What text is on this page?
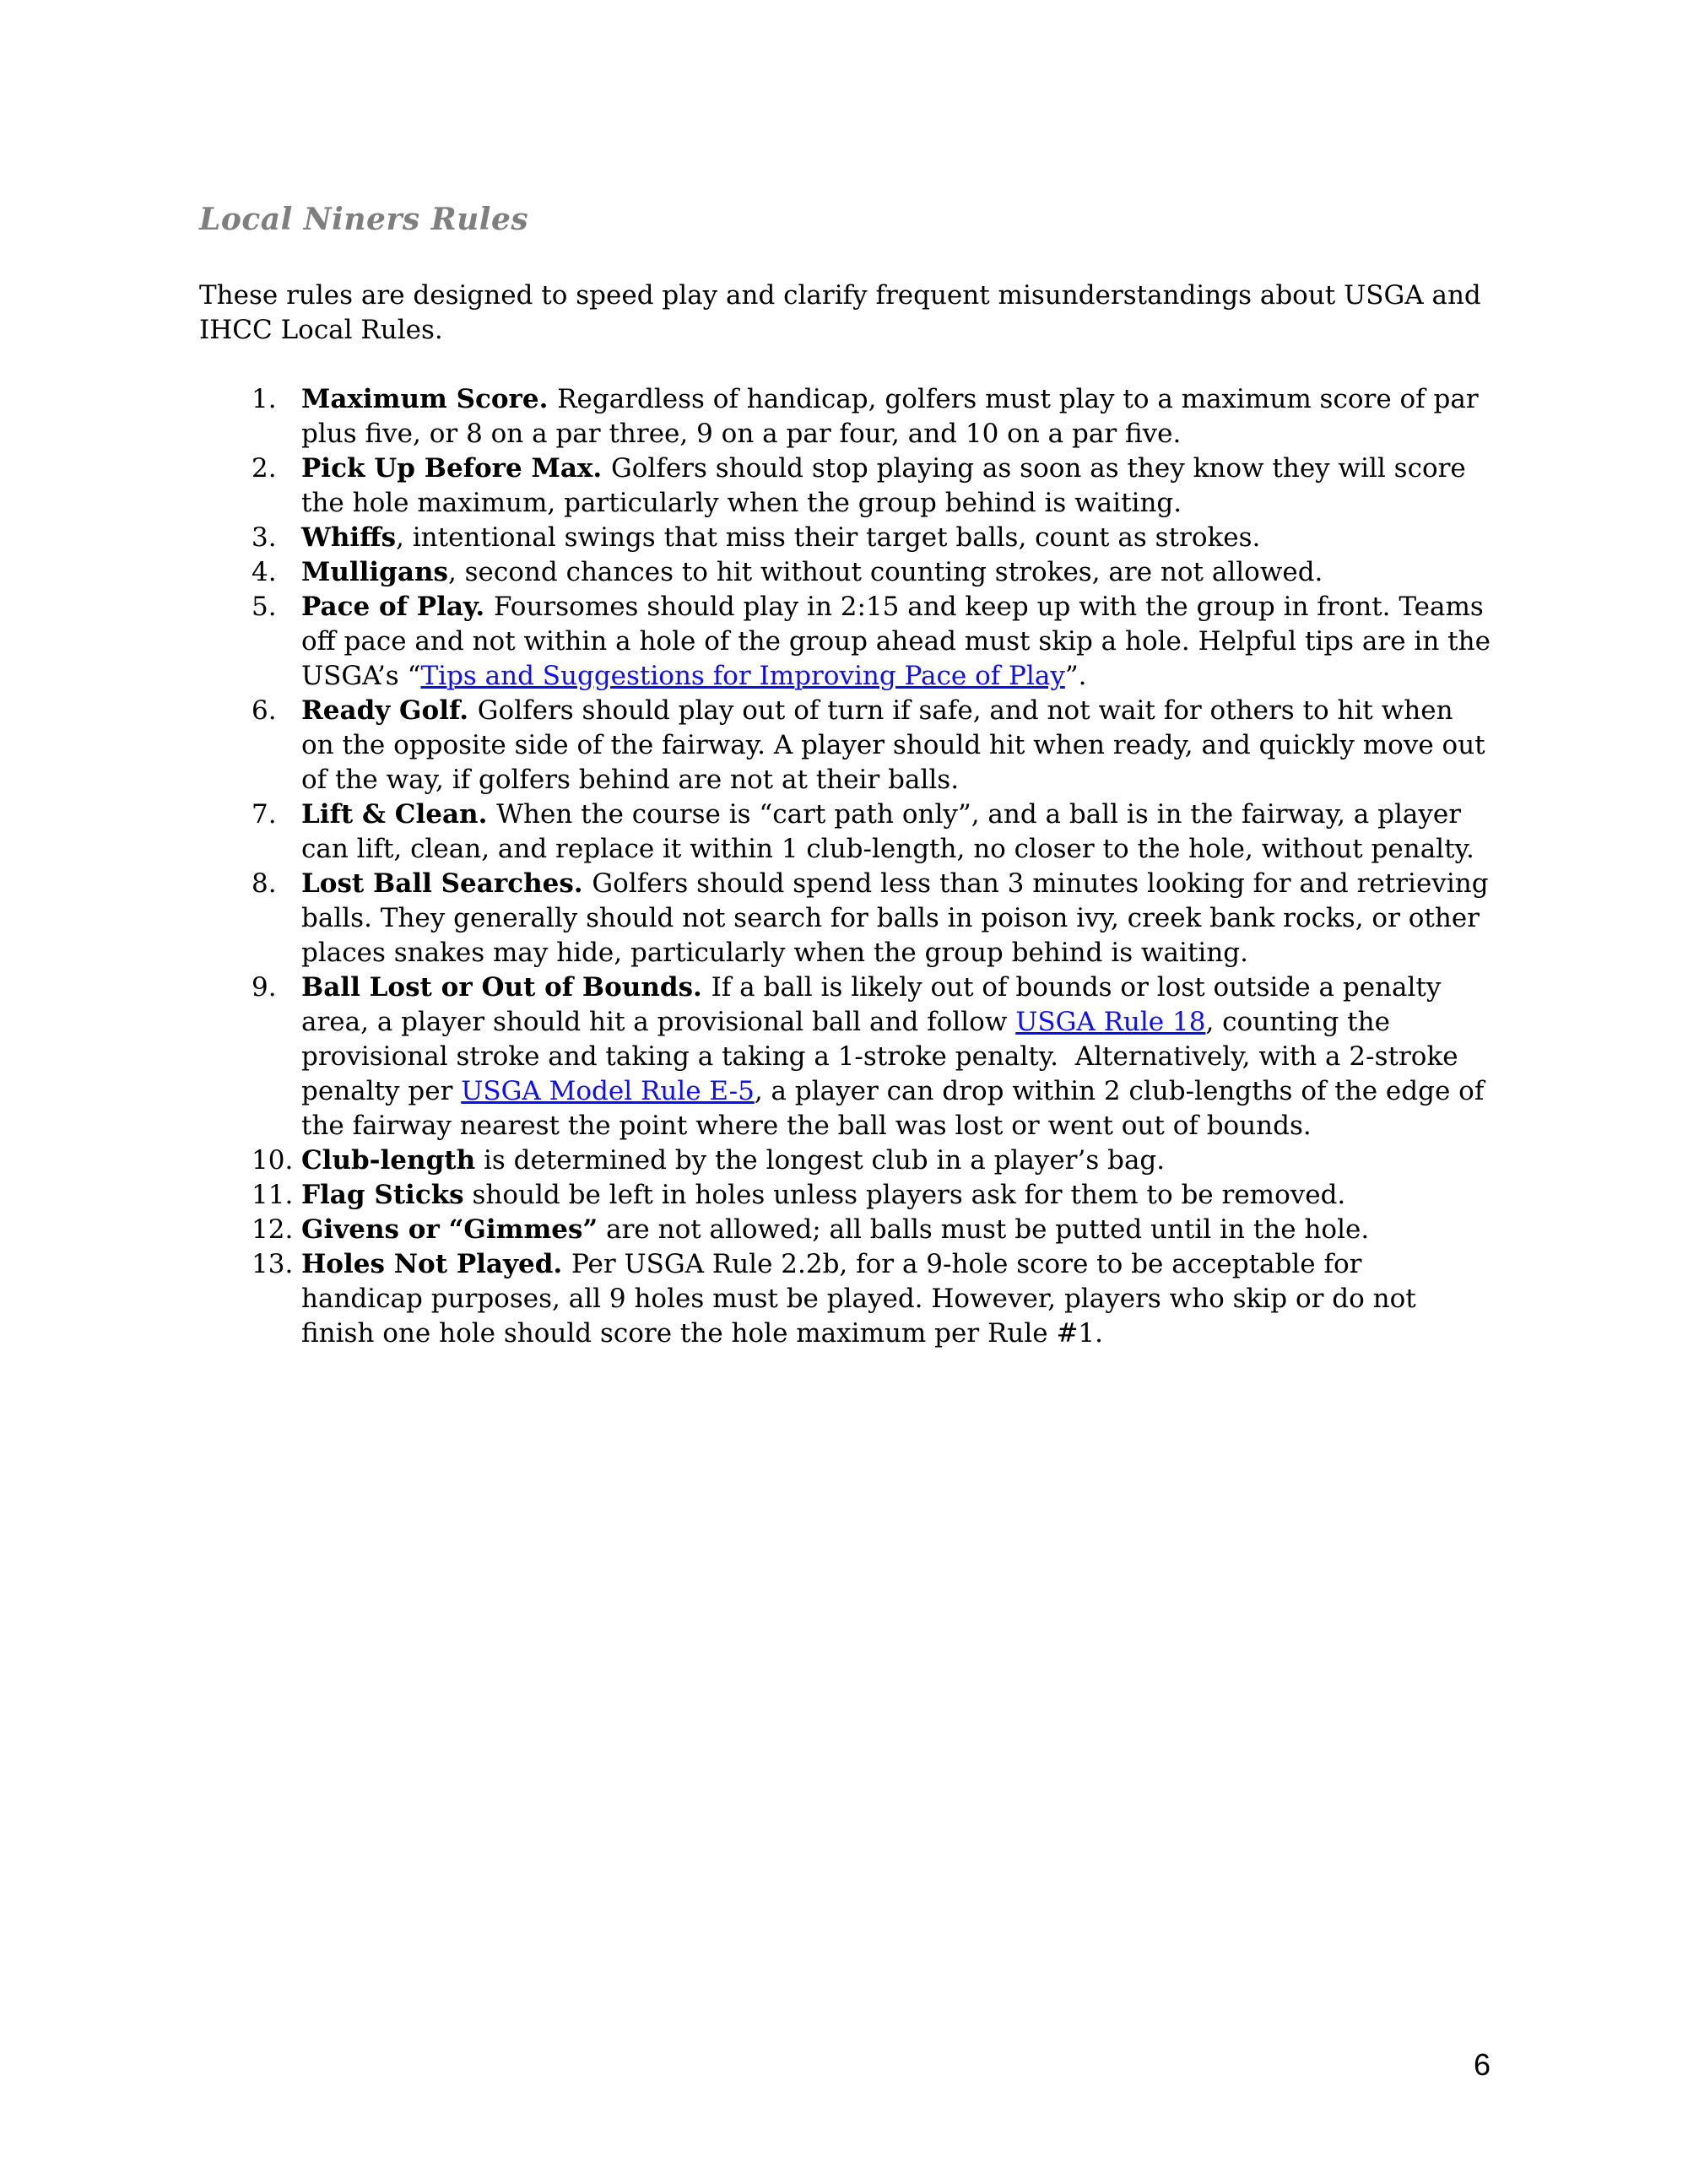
Local Niners Rules

These rules are designed to speed play and clarify frequent misunderstandings about USGA and IHCC Local Rules.

1. Maximum Score. Regardless of handicap, golfers must play to a maximum score of par plus five, or 8 on a par three, 9 on a par four, and 10 on a par five.
2. Pick Up Before Max. Golfers should stop playing as soon as they know they will score the hole maximum, particularly when the group behind is waiting.
3. Whiffs, intentional swings that miss their target balls, count as strokes.
4. Mulligans, second chances to hit without counting strokes, are not allowed.
5. Pace of Play. Foursomes should play in 2:15 and keep up with the group in front. Teams off pace and not within a hole of the group ahead must skip a hole. Helpful tips are in the USGA’s “Tips and Suggestions for Improving Pace of Play”.
6. Ready Golf. Golfers should play out of turn if safe, and not wait for others to hit when on the opposite side of the fairway. A player should hit when ready, and quickly move out of the way, if golfers behind are not at their balls.
7. Lift & Clean. When the course is “cart path only”, and a ball is in the fairway, a player can lift, clean, and replace it within 1 club-length, no closer to the hole, without penalty.
8. Lost Ball Searches. Golfers should spend less than 3 minutes looking for and retrieving balls. They generally should not search for balls in poison ivy, creek bank rocks, or other places snakes may hide, particularly when the group behind is waiting.
9. Ball Lost or Out of Bounds. If a ball is likely out of bounds or lost outside a penalty area, a player should hit a provisional ball and follow USGA Rule 18, counting the provisional stroke and taking a taking a 1-stroke penalty.  Alternatively, with a 2-stroke penalty per USGA Model Rule E-5, a player can drop within 2 club-lengths of the edge of the fairway nearest the point where the ball was lost or went out of bounds.
10. Club-length is determined by the longest club in a player’s bag.
11. Flag Sticks should be left in holes unless players ask for them to be removed.
12. Givens or “Gimmes” are not allowed; all balls must be putted until in the hole.
13. Holes Not Played. Per USGA Rule 2.2b, for a 9-hole score to be acceptable for handicap purposes, all 9 holes must be played. However, players who skip or do not finish one hole should score the hole maximum per Rule #1.
6
